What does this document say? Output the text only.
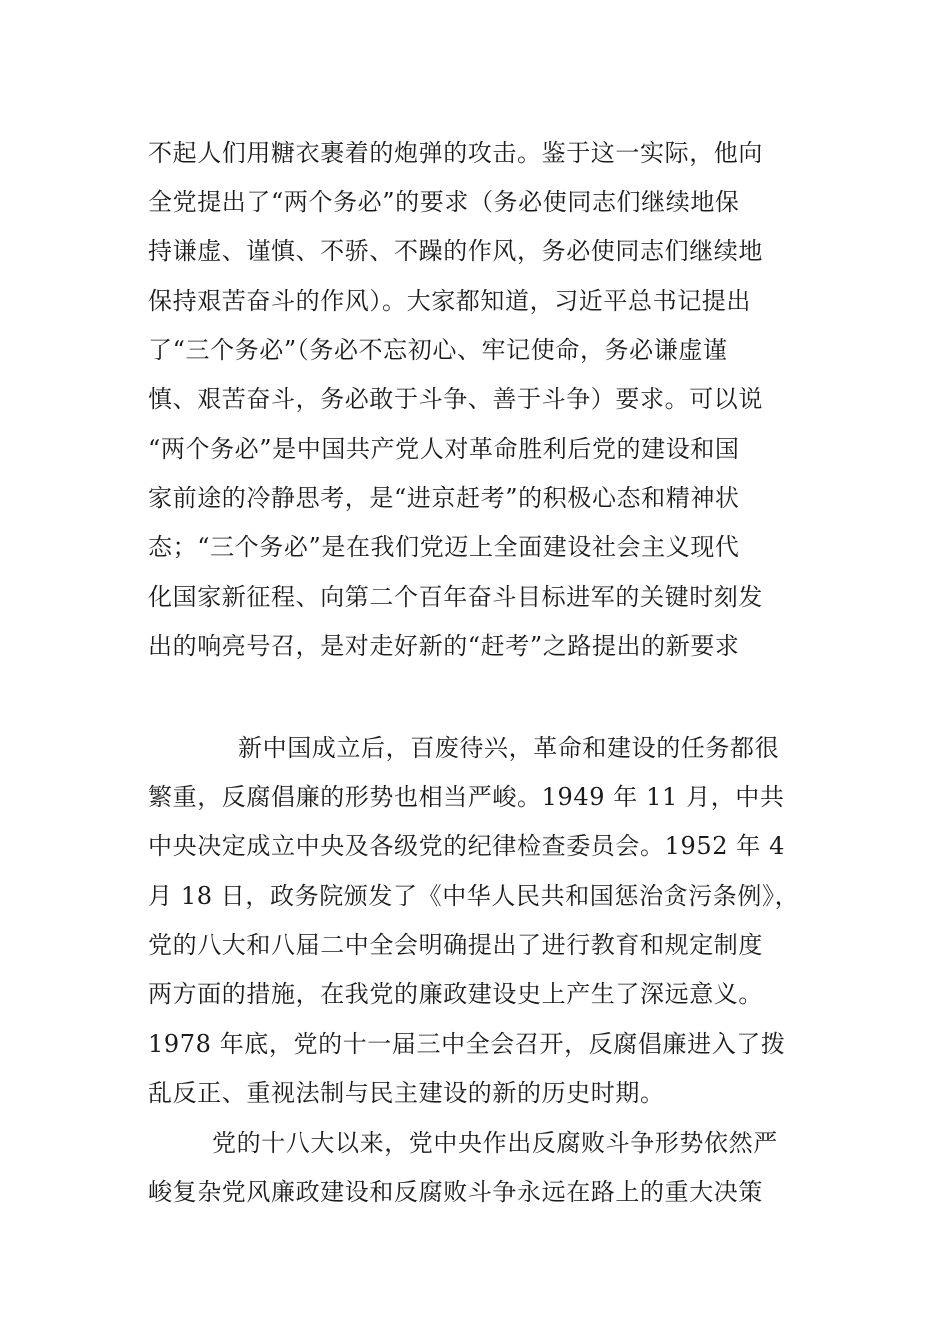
不起人们用糖衣裹着的炮弹的攻击。鉴于这一实际，他向
全党提出了“两个务必”的要求（务必使同志们继续地保
持谦虚、谨慎、不骄、不躁的作风，务必使同志们继续地
保持艰苦奋斗的作风）。大家都知道，习近平总书记提出
了“三个务必”（务必不忘初心、牢记使命，务必谦虚谨
慎、艰苦奋斗，务必敢于斗争、善于斗争）要求。可以说
“两个务必”是中国共产党人对革命胜利后党的建设和国
家前途的冷静思考，是“进京赶考”的积极心态和精神状
态；“三个务必”是在我们党迈上全面建设社会主义现代
化国家新征程、向第二个百年奋斗目标进军的关键时刻发
出的响亮号召，是对走好新的“赶考”之路提出的新要求
新中国成立后，百废待兴，革命和建设的任务都很
繁重，反腐倡廉的形势也相当严峻。1949 年 11 月，中共
中央决定成立中央及各级党的纪律检查委员会。1952 年 4
月 18 日，政务院颁发了《中华人民共和国惩治贪污条例》，
党的八大和八届二中全会明确提出了进行教育和规定制度
两方面的措施，在我党的廉政建设史上产生了深远意义。
1978 年底，党的十一届三中全会召开，反腐倡廉进入了拨
乱反正、重视法制与民主建设的新的历史时期。
党的十八大以来，党中央作出反腐败斗争形势依然严
峻复杂党风廉政建设和反腐败斗争永远在路上的重大决策
